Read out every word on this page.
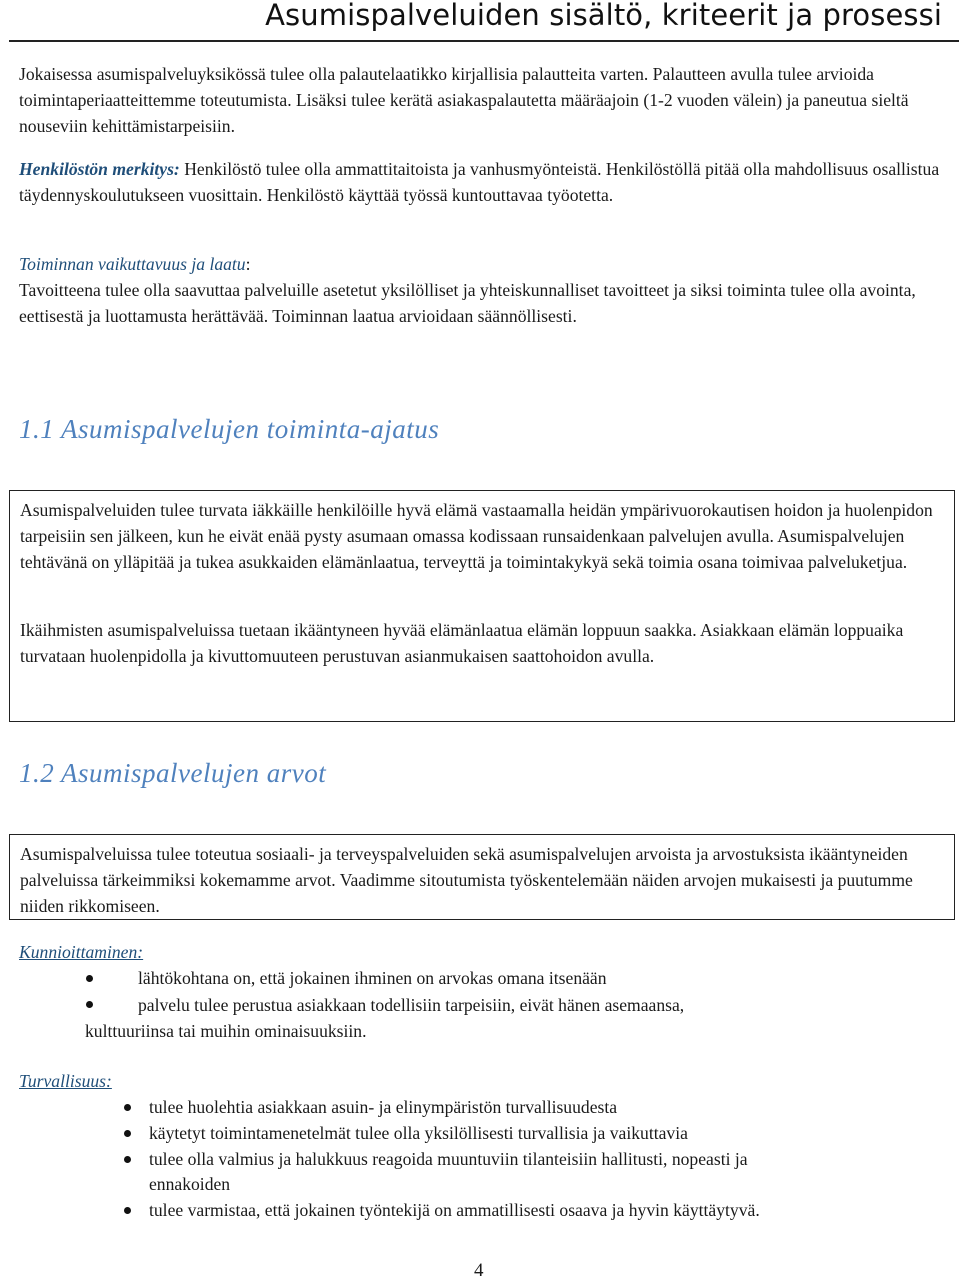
Asumispalveluiden sisältö, kriteerit ja prosessi
Jokaisessa asumispalveluyksikössä tulee olla palautelaatikko kirjallisia palautteita varten. Palautteen avulla tulee arvioida toimintaperiaatteittemme toteutumista. Lisäksi tulee kerätä asiakaspalautetta määräajoin (1-2 vuoden välein) ja paneutua sieltä nouseviin kehittämistarpeisiin.
Henkilöstön merkitys: Henkilöstö tulee olla ammattitaitoista ja vanhusmyönteistä. Henkilöstöllä pitää olla mahdollisuus osallistua täydennyskoulutukseen vuosittain. Henkilöstö käyttää työssä kuntouttavaa työotetta.
Toiminnan vaikuttavuus ja laatu:
Tavoitteena tulee olla saavuttaa palveluille asetetut yksilölliset ja yhteiskunnalliset tavoitteet ja siksi toiminta tulee olla avointa, eettisestä ja luottamusta herättävää. Toiminnan laatua arvioidaan säännöllisesti.
1.1 Asumispalvelujen toiminta-ajatus
Asumispalveluiden tulee turvata iäkkäille henkilöille hyvä elämä vastaamalla heidän ympärivuorokautisen hoidon ja huolenpidon tarpeisiin sen jälkeen, kun he eivät enää pysty asumaan omassa kodissaan runsaidenkaan palvelujen avulla. Asumispalvelujen tehtävänä on ylläpitää ja tukea asukkaiden elämänlaatua, terveyttä ja toimintakykyä sekä toimia osana toimivaa palveluketjua.
Ikäihmisten asumispalveluissa tuetaan ikääntyneen hyvää elämänlaatua elämän loppuun saakka. Asiakkaan elämän loppuaika turvataan huolenpidolla ja kivuttomuuteen perustuvan asianmukaisen saattohoidon avulla.
1.2 Asumispalvelujen arvot
Asumispalveluissa tulee toteutua sosiaali- ja terveyspalveluiden sekä asumispalvelujen arvoista ja arvostuksista ikääntyneiden palveluissa tärkeimmiksi kokemamme arvot. Vaadimme sitoutumista työskentelemään näiden arvojen mukaisesti ja puutumme niiden rikkomiseen.
Kunnioittaminen:
lähtökohtana on, että jokainen ihminen on arvokas omana itsenään
palvelu tulee perustua asiakkaan todellisiin tarpeisiin, eivät hänen asemaansa,
kulttuuriinsa tai muihin ominaisuuksiin.
Turvallisuus:
tulee huolehtia asiakkaan asuin- ja elinympäristön turvallisuudesta
käytetyt toimintamenetelmät tulee olla yksilöllisesti turvallisia ja vaikuttavia
tulee olla valmius ja halukkuus reagoida muuntuviin tilanteisiin hallitusti, nopeasti ja
ennakoiden
tulee varmistaa, että jokainen työntekijä on ammatillisesti osaava ja hyvin käyttäytyvä.
4
